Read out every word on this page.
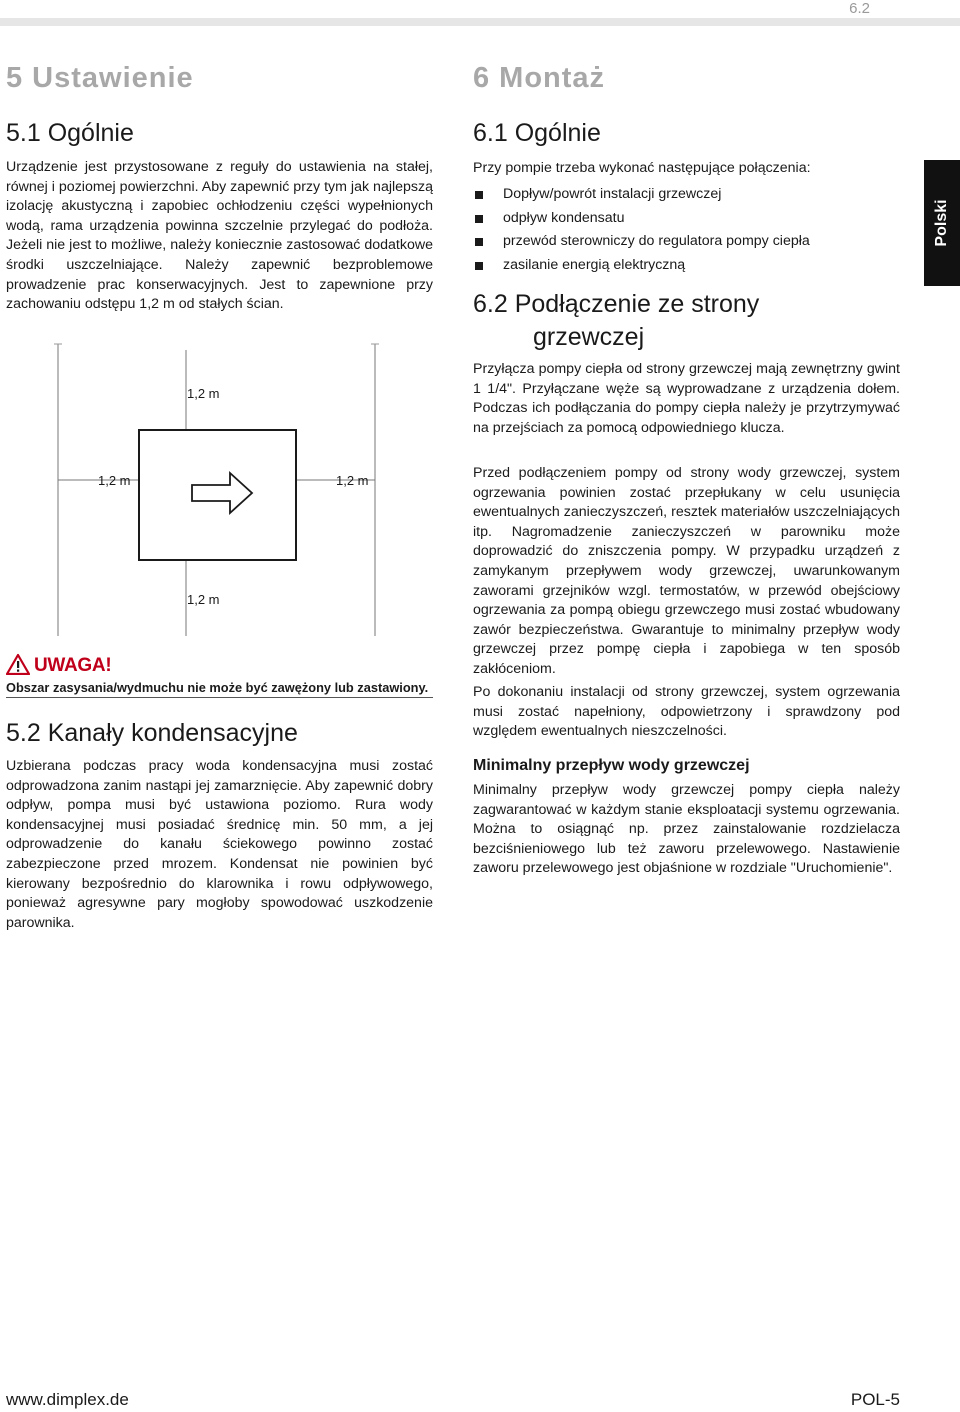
6.2
Polski
5 Ustawienie
5.1 Ogólnie

Urządzenie jest przystosowane z reguły do ustawienia na stałej, równej i poziomej powierzchni. Aby zapewnić przy tym jak najlepszą izolację akustyczną i zapobiec ochłodzeniu części wypełnionych wodą, rama urządzenia powinna szczelnie przylegać do podłoża. Jeżeli nie jest to możliwe, należy koniecznie zastosować dodatkowe środki uszczelniające. Należy zapewnić bezproblemowe prowadzenie prac konserwacyjnych. Jest to zapewnione przy zachowaniu odstępu 1,2 m od stałych ścian.

1,2 m
1,2 m	1,2 m
1,2 m
UWAGA!
Obszar zasysania/wydmuchu nie może być zawężony lub zastawiony.
5.2 Kanały kondensacyjne

Uzbierana podczas pracy woda kondensacyjna musi zostać odprowadzona zanim nastąpi jej zamarznięcie. Aby zapewnić dobry odpływ, pompa musi być ustawiona poziomo. Rura wody kondensacyjnej musi posiadać średnicę min. 50 mm, a jej odprowadzenie do kanału ściekowego powinno zostać zabezpieczone przed mrozem. Kondensat nie powinien być kierowany bezpośrednio do klarownika i rowu odpływowego, ponieważ agresywne pary mogłoby spowodować uszkodzenie parownika.

6 Montaż
6.1 Ogólnie

Przy pompie trzeba wykonać następujące połączenia:

Dopływ/powrót instalacji grzewczej
odpływ kondensatu
przewód sterowniczy do regulatora pompy ciepła
zasilanie energią elektryczną
6.2 Podłączenie ze strony
grzewczej

Przyłącza pompy ciepła od strony grzewczej mają zewnętrzny gwint 1 1/4". Przyłączane węże są wyprowadzane z urządzenia dołem. Podczas ich podłączania do pompy ciepła należy je przytrzymywać na przejściach za pomocą odpowiedniego klucza.

Przed podłączeniem pompy od strony wody grzewczej, system ogrzewania powinien zostać przepłukany w celu usunięcia ewentualnych zanieczyszczeń, resztek materiałów uszczelniających itp. Nagromadzenie zanieczyszczeń w parowniku może doprowadzić do zniszczenia pompy. W przypadku urządzeń z zamykanym przepływem wody grzewczej, uwarunkowanym zaworami grzejników wzgl. termostatów, w przewód obejściowy ogrzewania za pompą obiegu grzewczego musi zostać wbudowany zawór bezpieczeństwa. Gwarantuje to minimalny przepływ wody grzewczej przez pompę ciepła i zapobiega w ten sposób zakłóceniom.

Po dokonaniu instalacji od strony grzewczej, system ogrzewania musi zostać napełniony, odpowietrzony i sprawdzony pod względem ewentualnych nieszczelności.

Minimalny przepływ wody grzewczej

Minimalny przepływ wody grzewczej pompy ciepła należy zagwarantować w każdym stanie eksploatacji systemu ogrzewania. Można to osiągnąć np. przez zainstalowanie rozdzielacza bezciśnieniowego lub też zaworu przelewowego. Nastawienie zaworu przelewowego jest objaśnione w rozdziale "Uruchomienie".

www.dimplex.de	POL-5
